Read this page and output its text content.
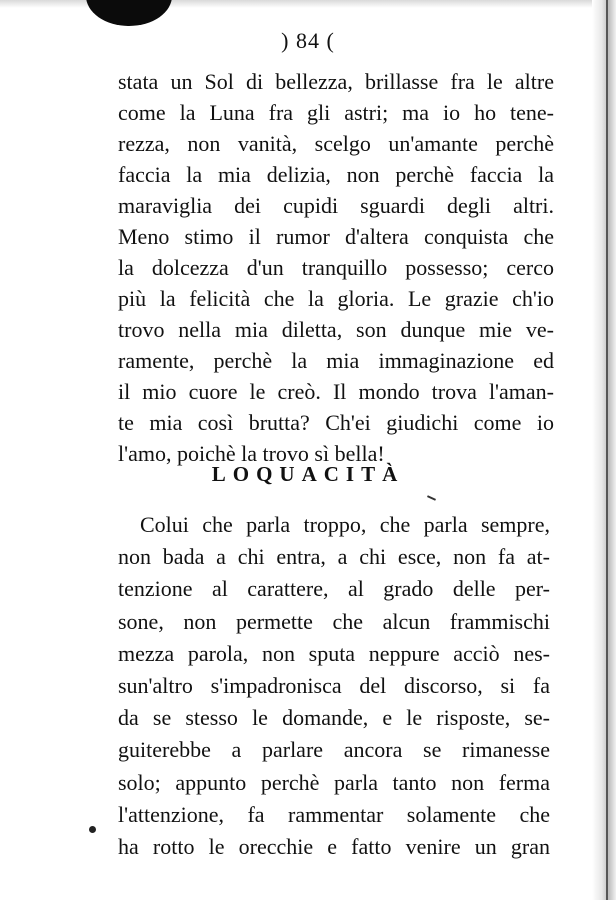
) 84 (
stata un Sol di bellezza, brillasse fra le altre
come la Luna fra gli astri; ma io ho tene-
rezza, non vanità, scelgo un'amante perchè
faccia la mia delizia, non perchè faccia la
maraviglia dei cupidi sguardi degli altri.
Meno stimo il rumor d'altera conquista che
la dolcezza d'un tranquillo possesso; cerco
più la felicità che la gloria. Le grazie ch'io
trovo nella mia diletta, son dunque mie ve-
ramente, perchè la mia immaginazione ed
il mio cuore le creò. Il mondo trova l'aman-
te mia così brutta? Ch'ei giudichi come io
l'amo, poichè la trovo sì bella!
LOQUACITÀ
Colui che parla troppo, che parla sempre,
non bada a chi entra, a chi esce, non fa at-
tenzione al carattere, al grado delle per-
sone, non permette che alcun frammischi
mezza parola, non sputa neppure acciò nes-
sun'altro s'impadronisca del discorso, si fa
da se stesso le domande, e le risposte, se-
guiterebbe a parlare ancora se rimanesse
solo; appunto perchè parla tanto non ferma
l'attenzione, fa rammentar solamente che
ha rotto le orecchie e fatto venire un gran
